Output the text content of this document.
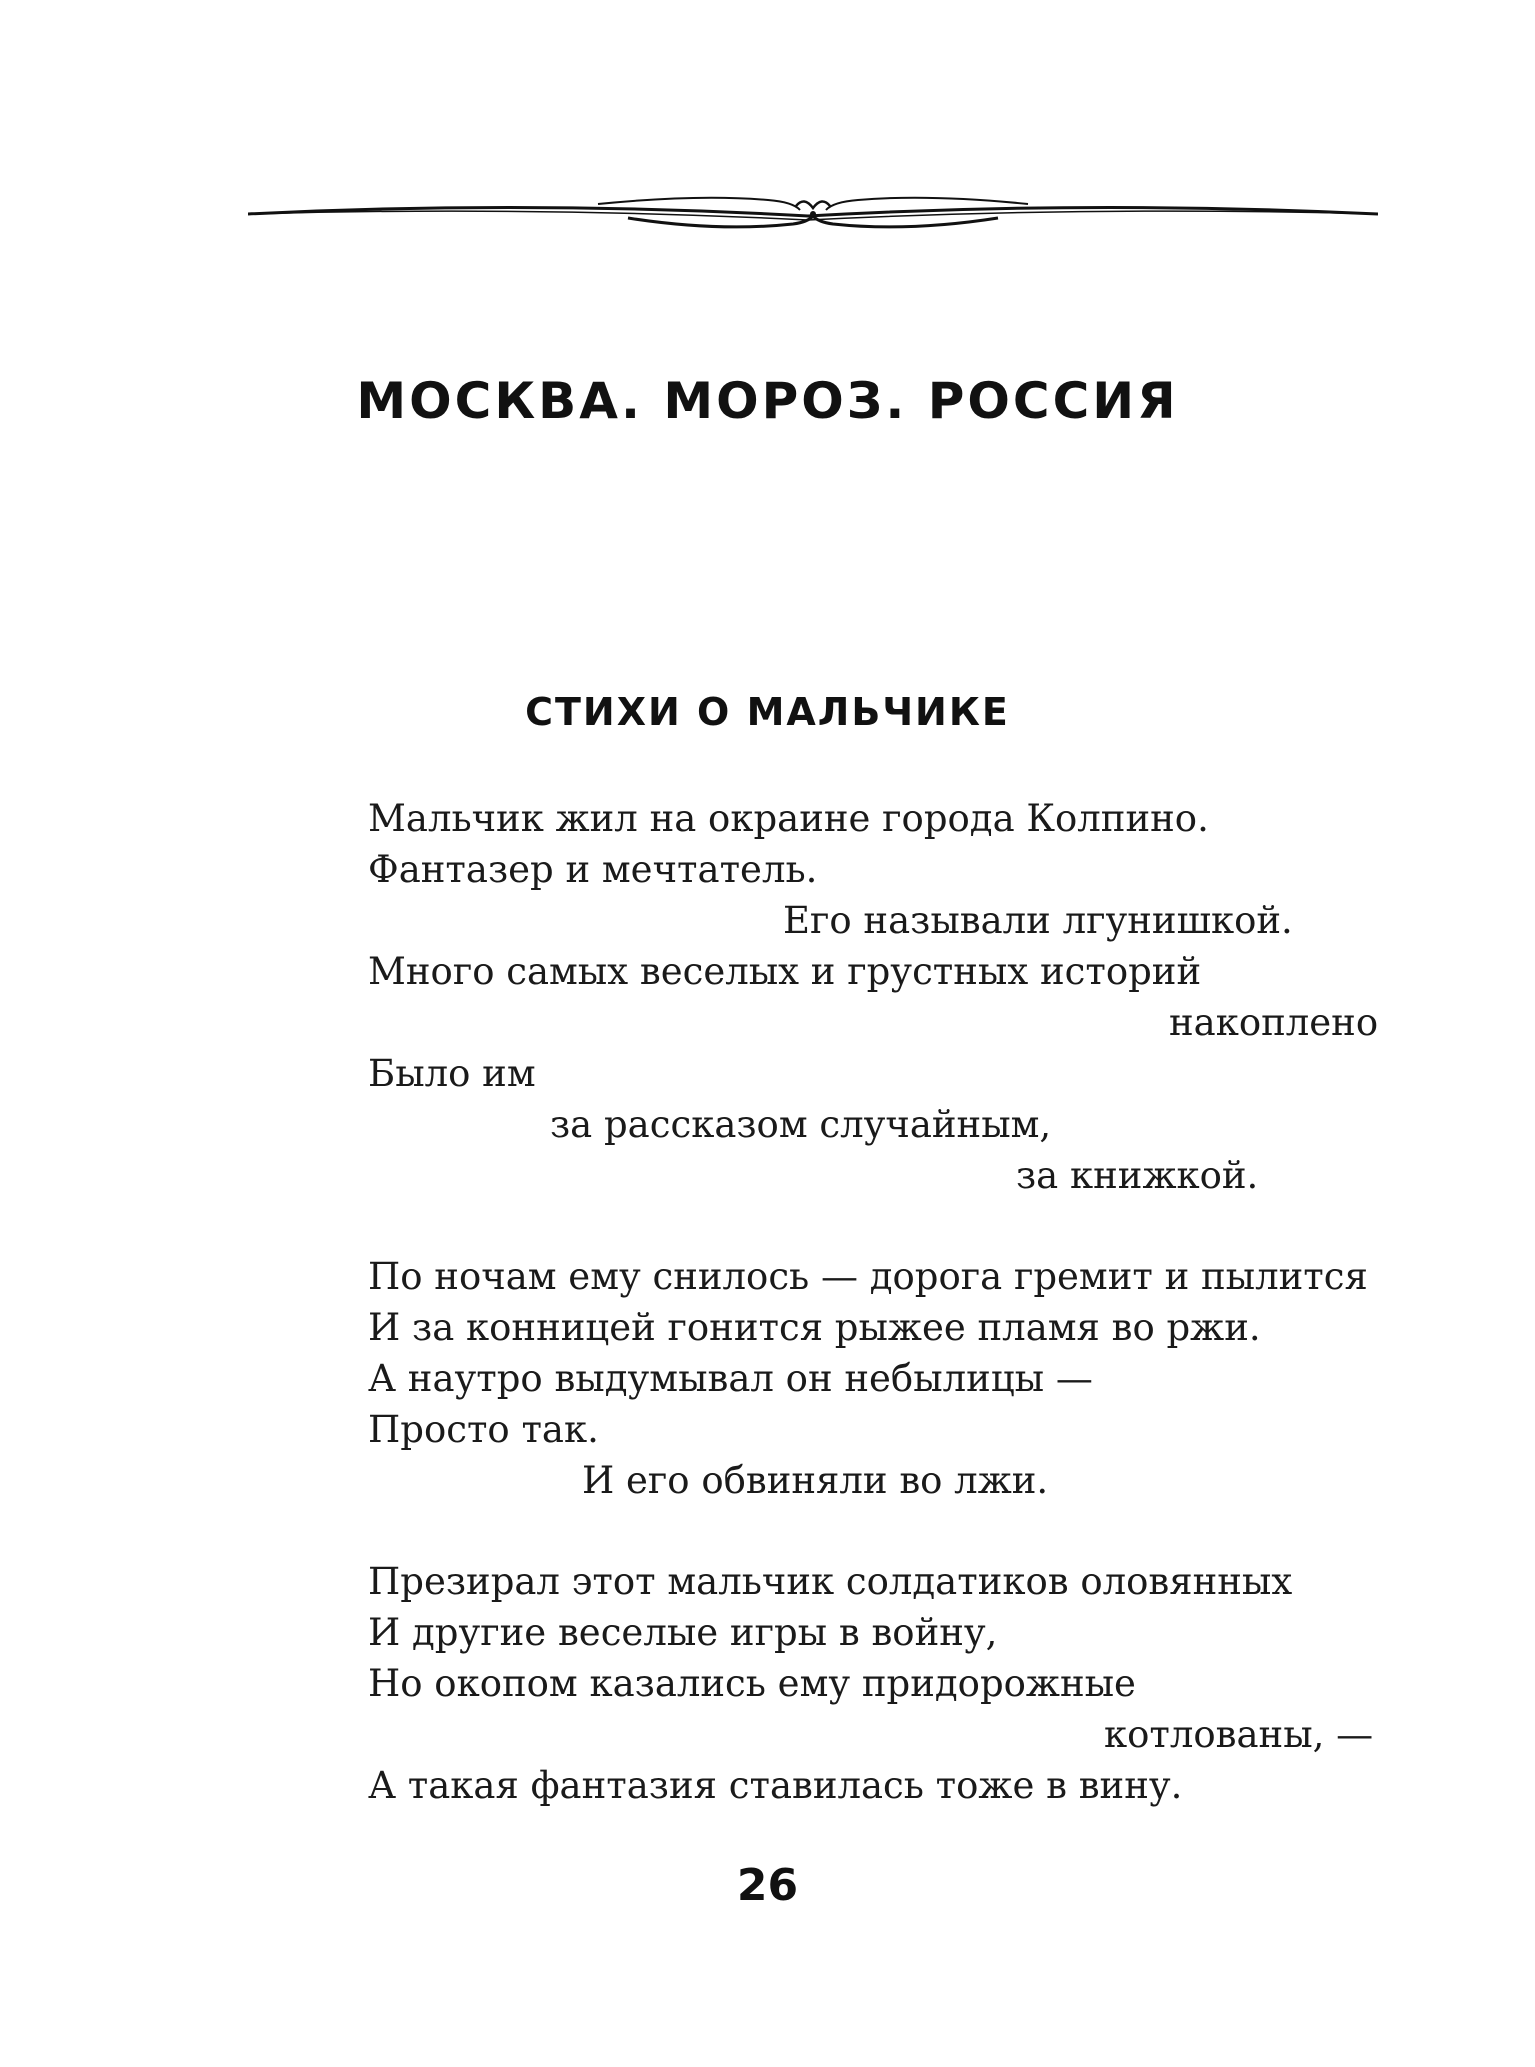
МОСКВА. МОРОЗ. РОССИЯ
СТИХИ О МАЛЬЧИКЕ
Мальчик жил на окраине города Колпино.
Фантазер и мечтатель.
Его называли лгунишкой.
Много самых веселых и грустных историй
накоплено
Было им
за рассказом случайным,
за книжкой.
По ночам ему снилось — дорога гремит и пылится
И за конницей гонится рыжее пламя во ржи.
А наутро выдумывал он небылицы —
Просто так.
И его обвиняли во лжи.
Презирал этот мальчик солдатиков оловянных
И другие веселые игры в войну,
Но окопом казались ему придорожные
котлованы, —
А такая фантазия ставилась тоже в вину.
26
